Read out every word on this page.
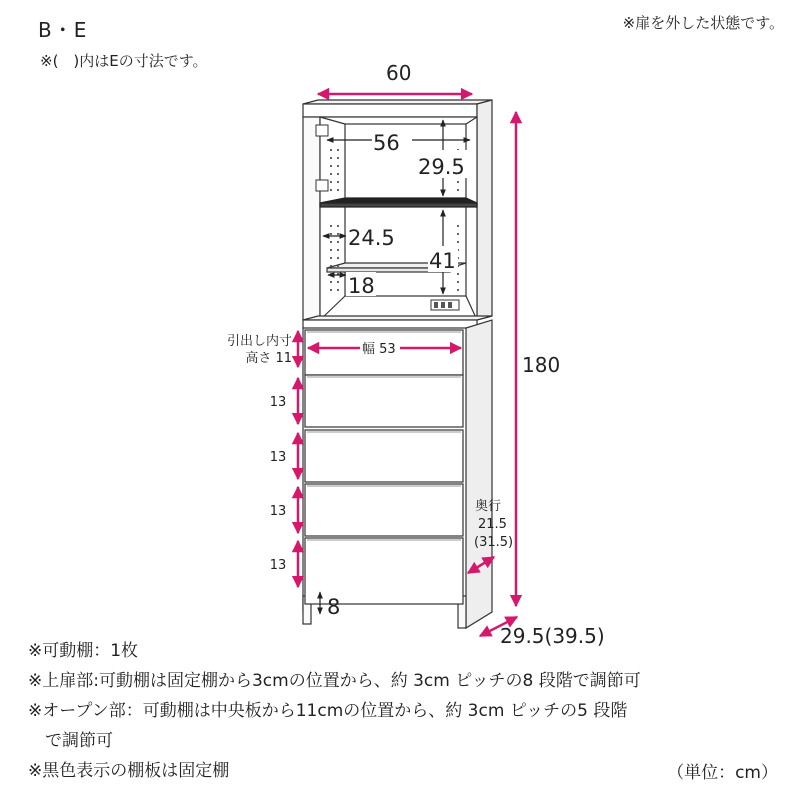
B・E
※(　)内はEの寸法です。
※扉を外した状態です。
56
29.5
24.5
41
18
8
60
180
幅 53
引出し内寸
高さ 11
13
13
13
13
奥行
21.5
(31.5)
29.5(39.5)
※可動棚：1枚
※上扉部:可動棚は固定棚から3cmの位置から、約 3cm ピッチの8 段階で調節可
※オープン部：可動棚は中央板から11cmの位置から、約 3cm ピッチの5 段階
　で調節可
※黒色表示の棚板は固定棚	（単位：cm）
